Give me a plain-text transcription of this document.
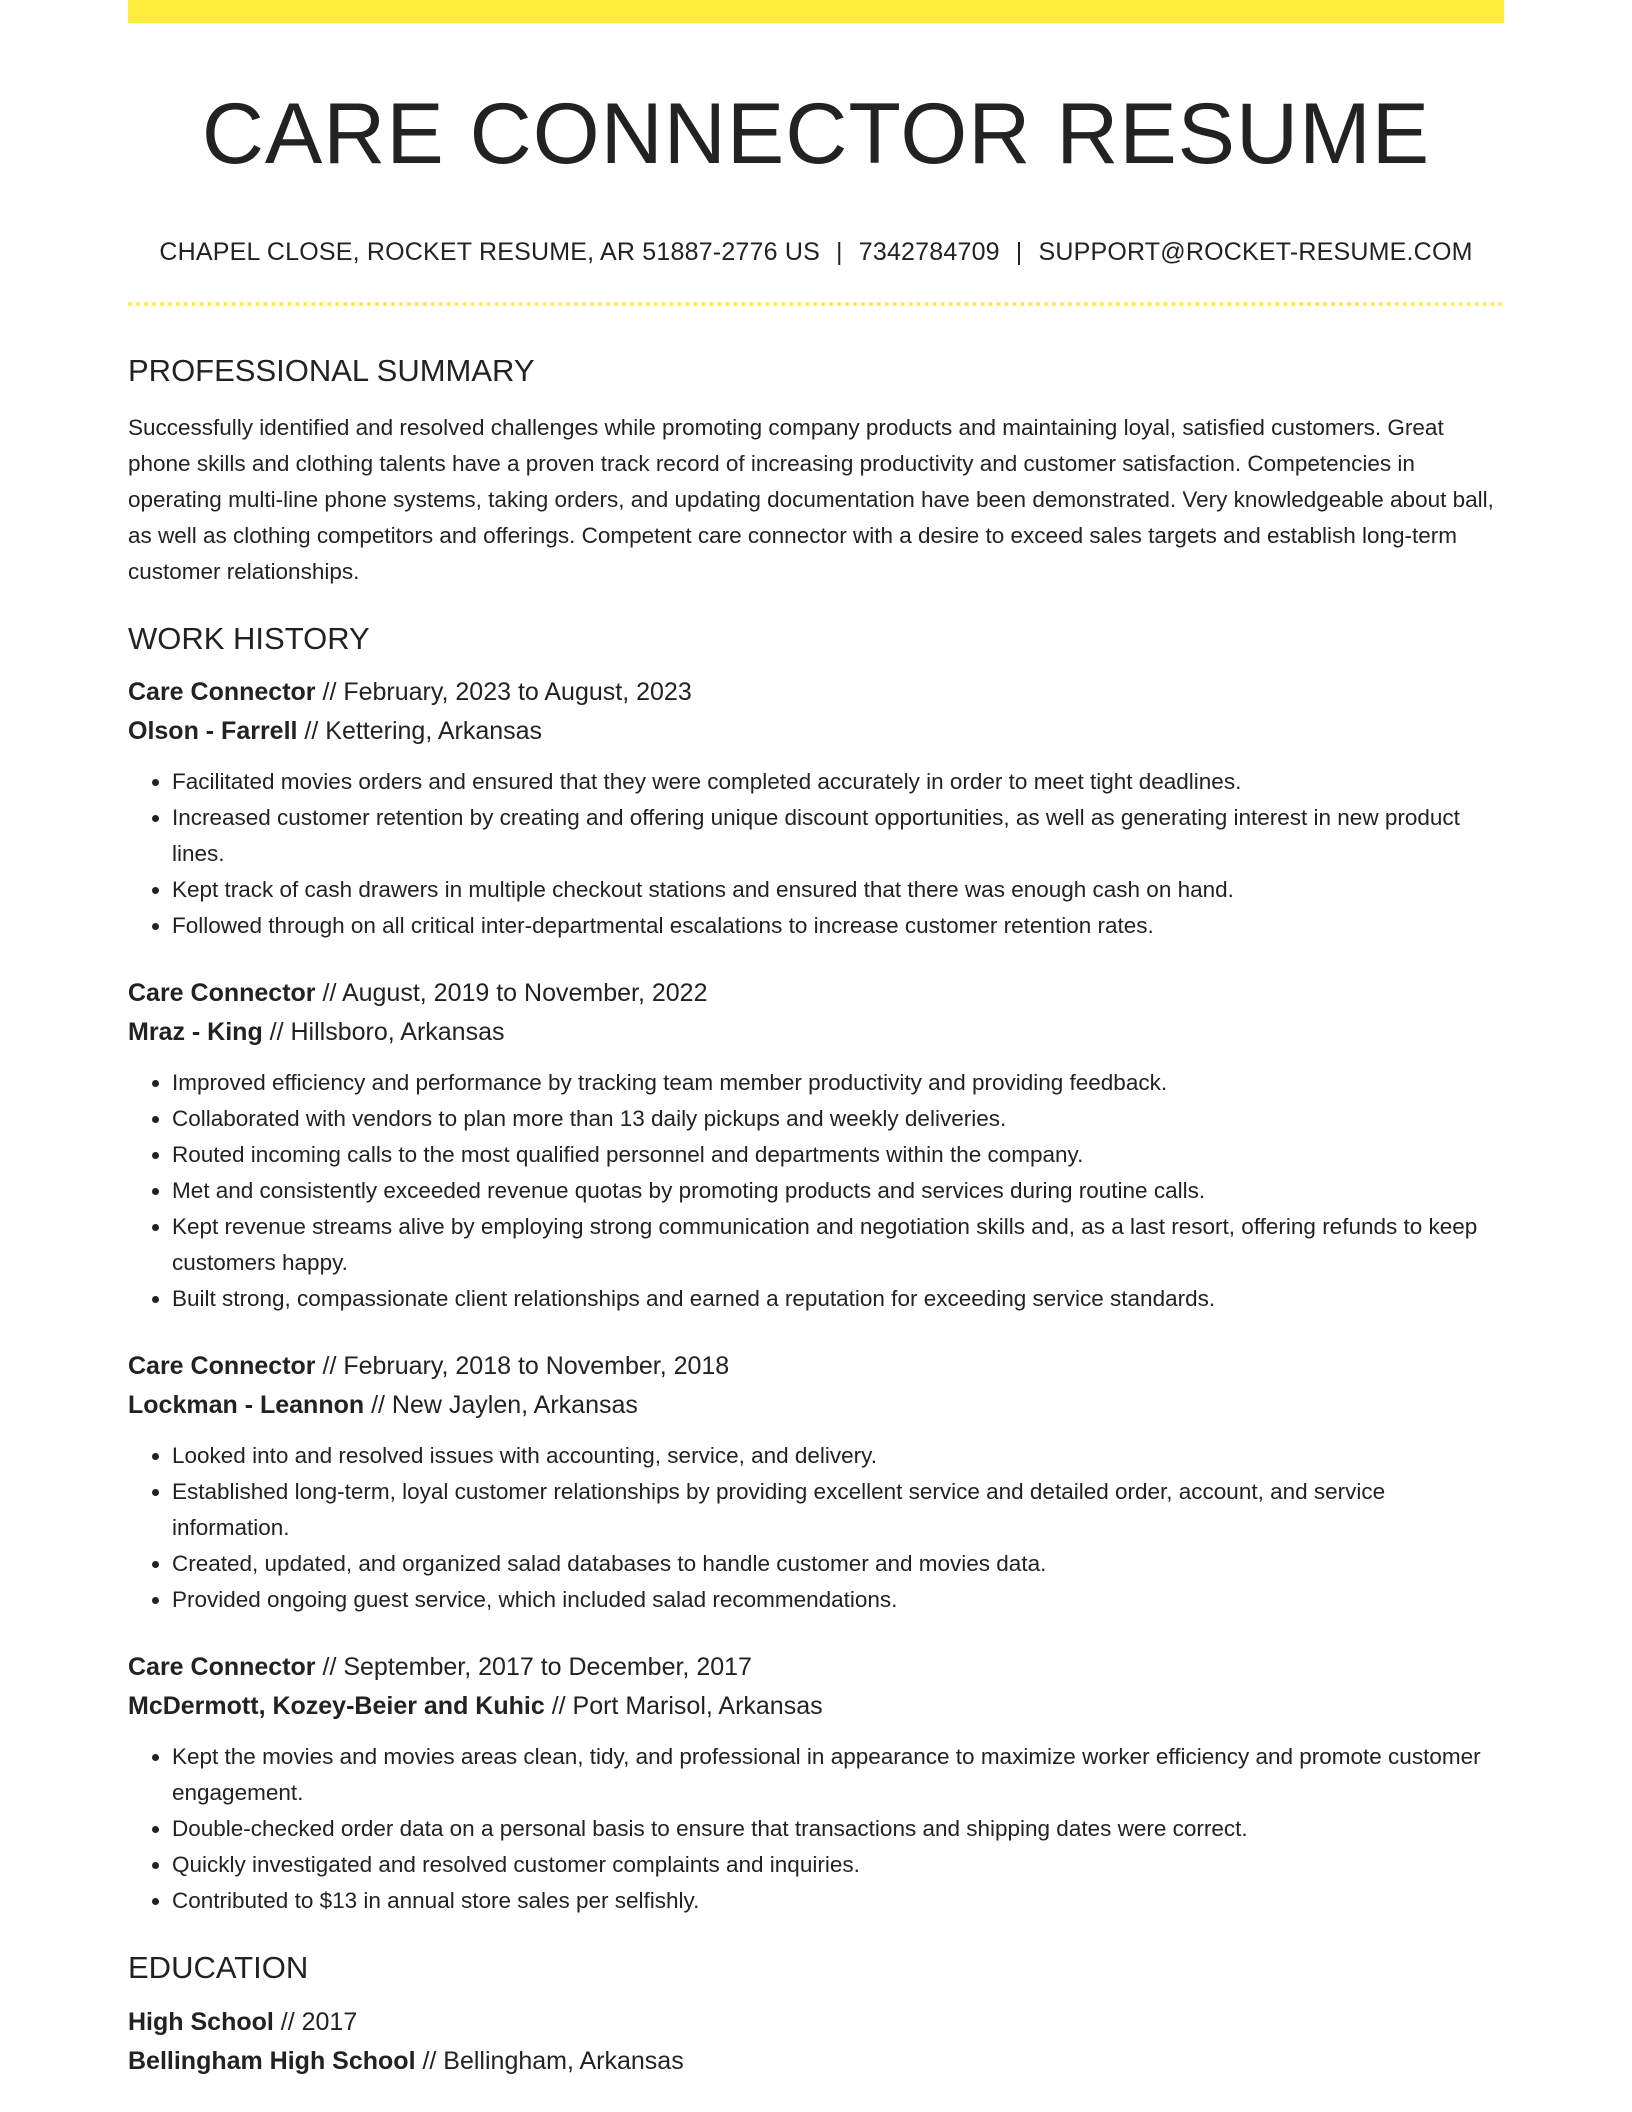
CARE CONNECTOR RESUME
CHAPEL CLOSE, ROCKET RESUME, AR 51887-2776 US | 7342784709 | SUPPORT@ROCKET-RESUME.COM
PROFESSIONAL SUMMARY
Successfully identified and resolved challenges while promoting company products and maintaining loyal, satisfied customers. Great phone skills and clothing talents have a proven track record of increasing productivity and customer satisfaction. Competencies in operating multi-line phone systems, taking orders, and updating documentation have been demonstrated. Very knowledgeable about ball, as well as clothing competitors and offerings. Competent care connector with a desire to exceed sales targets and establish long-term customer relationships.
WORK HISTORY
Care Connector // February, 2023 to August, 2023
Olson - Farrell // Kettering, Arkansas
• Facilitated movies orders and ensured that they were completed accurately in order to meet tight deadlines.
• Increased customer retention by creating and offering unique discount opportunities, as well as generating interest in new product lines.
• Kept track of cash drawers in multiple checkout stations and ensured that there was enough cash on hand.
• Followed through on all critical inter-departmental escalations to increase customer retention rates.
Care Connector // August, 2019 to November, 2022
Mraz - King // Hillsboro, Arkansas
• Improved efficiency and performance by tracking team member productivity and providing feedback.
• Collaborated with vendors to plan more than 13 daily pickups and weekly deliveries.
• Routed incoming calls to the most qualified personnel and departments within the company.
• Met and consistently exceeded revenue quotas by promoting products and services during routine calls.
• Kept revenue streams alive by employing strong communication and negotiation skills and, as a last resort, offering refunds to keep customers happy.
• Built strong, compassionate client relationships and earned a reputation for exceeding service standards.
Care Connector // February, 2018 to November, 2018
Lockman - Leannon // New Jaylen, Arkansas
• Looked into and resolved issues with accounting, service, and delivery.
• Established long-term, loyal customer relationships by providing excellent service and detailed order, account, and service information.
• Created, updated, and organized salad databases to handle customer and movies data.
• Provided ongoing guest service, which included salad recommendations.
Care Connector // September, 2017 to December, 2017
McDermott, Kozey-Beier and Kuhic // Port Marisol, Arkansas
• Kept the movies and movies areas clean, tidy, and professional in appearance to maximize worker efficiency and promote customer engagement.
• Double-checked order data on a personal basis to ensure that transactions and shipping dates were correct.
• Quickly investigated and resolved customer complaints and inquiries.
• Contributed to $13 in annual store sales per selfishly.
EDUCATION
High School // 2017
Bellingham High School // Bellingham, Arkansas
